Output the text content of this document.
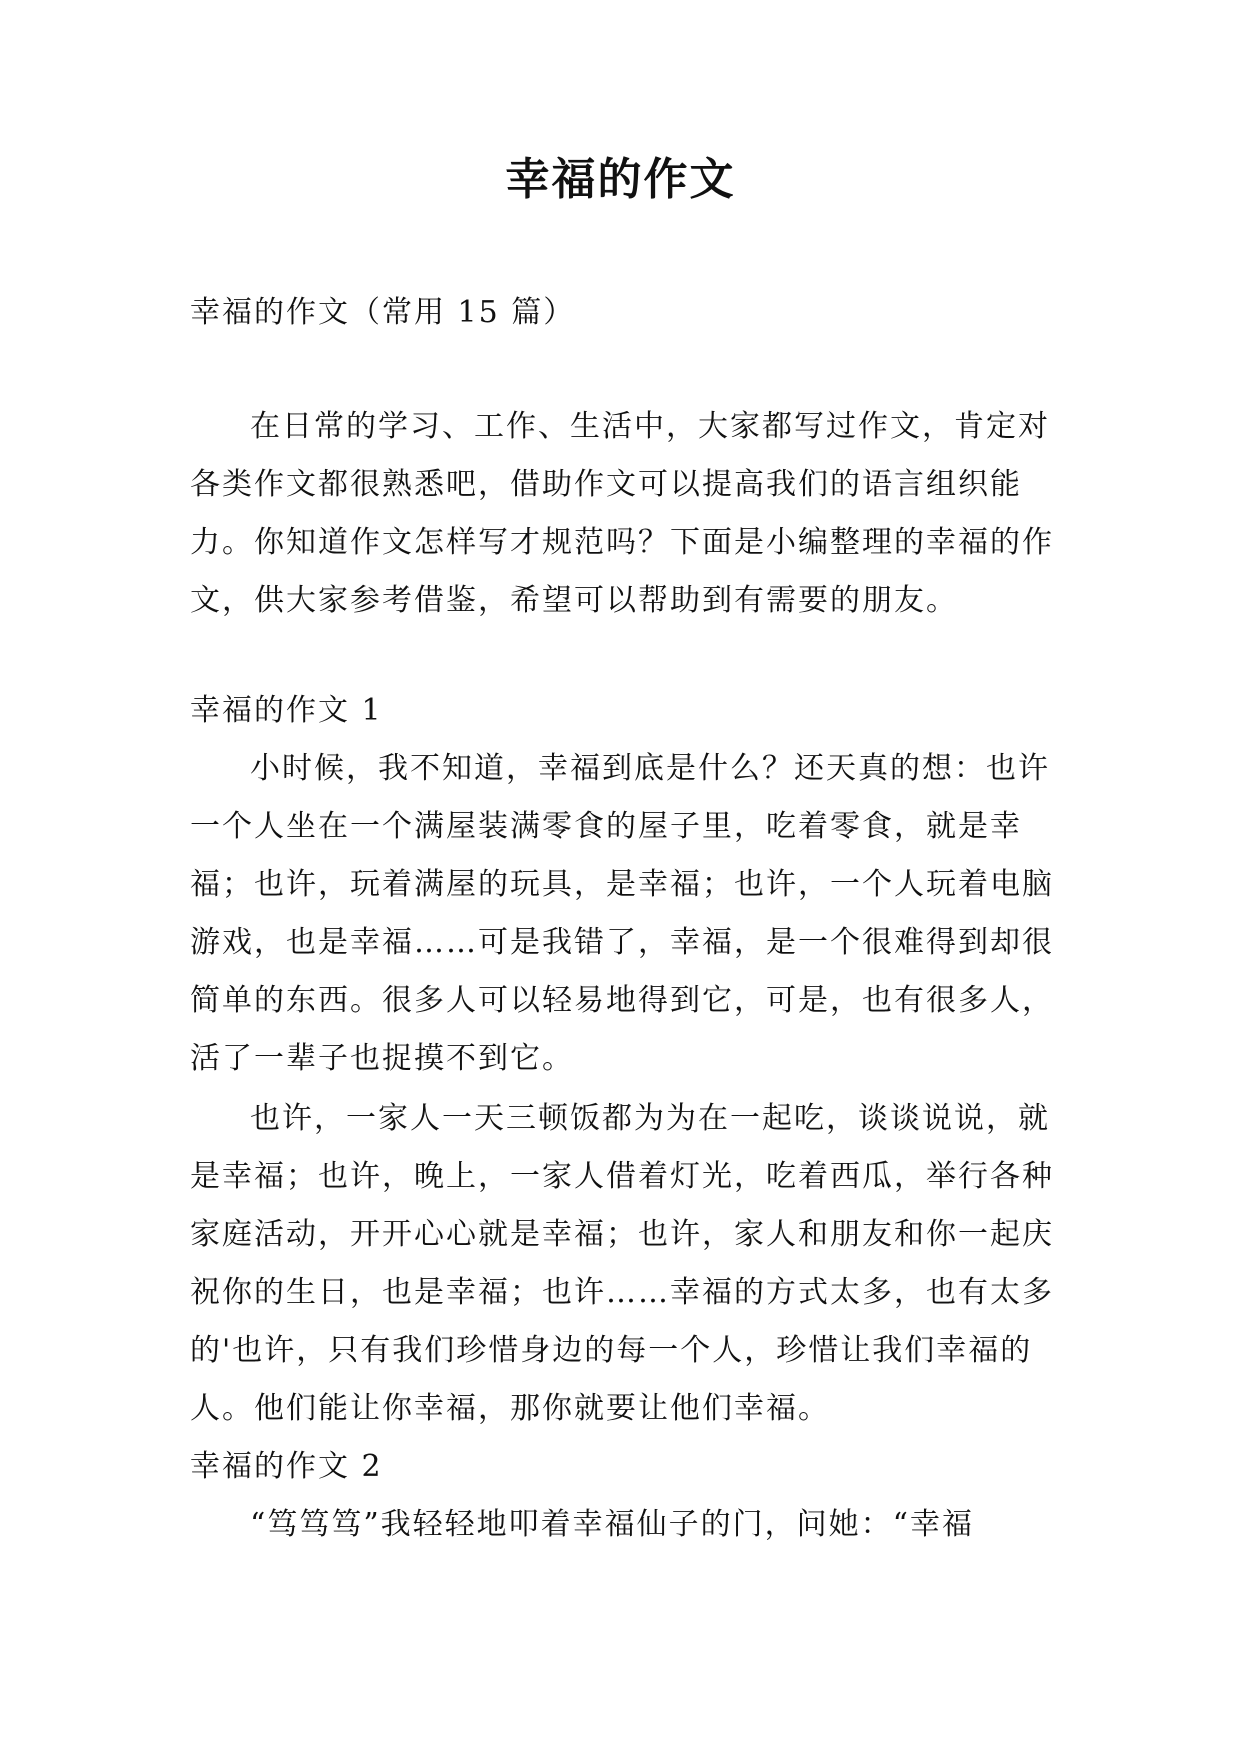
幸福的作文

幸福的作文（常用 15 篇）

在日常的学习、工作、生活中，大家都写过作文，肯定对各类作文都很熟悉吧，借助作文可以提高我们的语言组织能力。你知道作文怎样写才规范吗？下面是小编整理的幸福的作文，供大家参考借鉴，希望可以帮助到有需要的朋友。

幸福的作文 1

小时候，我不知道，幸福到底是什么？还天真的想：也许一个人坐在一个满屋装满零食的屋子里，吃着零食，就是幸福；也许，玩着满屋的玩具，是幸福；也许，一个人玩着电脑游戏，也是幸福……可是我错了，幸福，是一个很难得到却很简单的东西。很多人可以轻易地得到它，可是，也有很多人，活了一辈子也捉摸不到它。

也许，一家人一天三顿饭都为为在一起吃，谈谈说说，就是幸福；也许，晚上，一家人借着灯光，吃着西瓜，举行各种家庭活动，开开心心就是幸福；也许，家人和朋友和你一起庆祝你的生日，也是幸福；也许……幸福的方式太多，也有太多的'也许，只有我们珍惜身边的每一个人，珍惜让我们幸福的人。他们能让你幸福，那你就要让他们幸福。

幸福的作文 2

“笃笃笃”我轻轻地叩着幸福仙子的门，问她：“幸福
